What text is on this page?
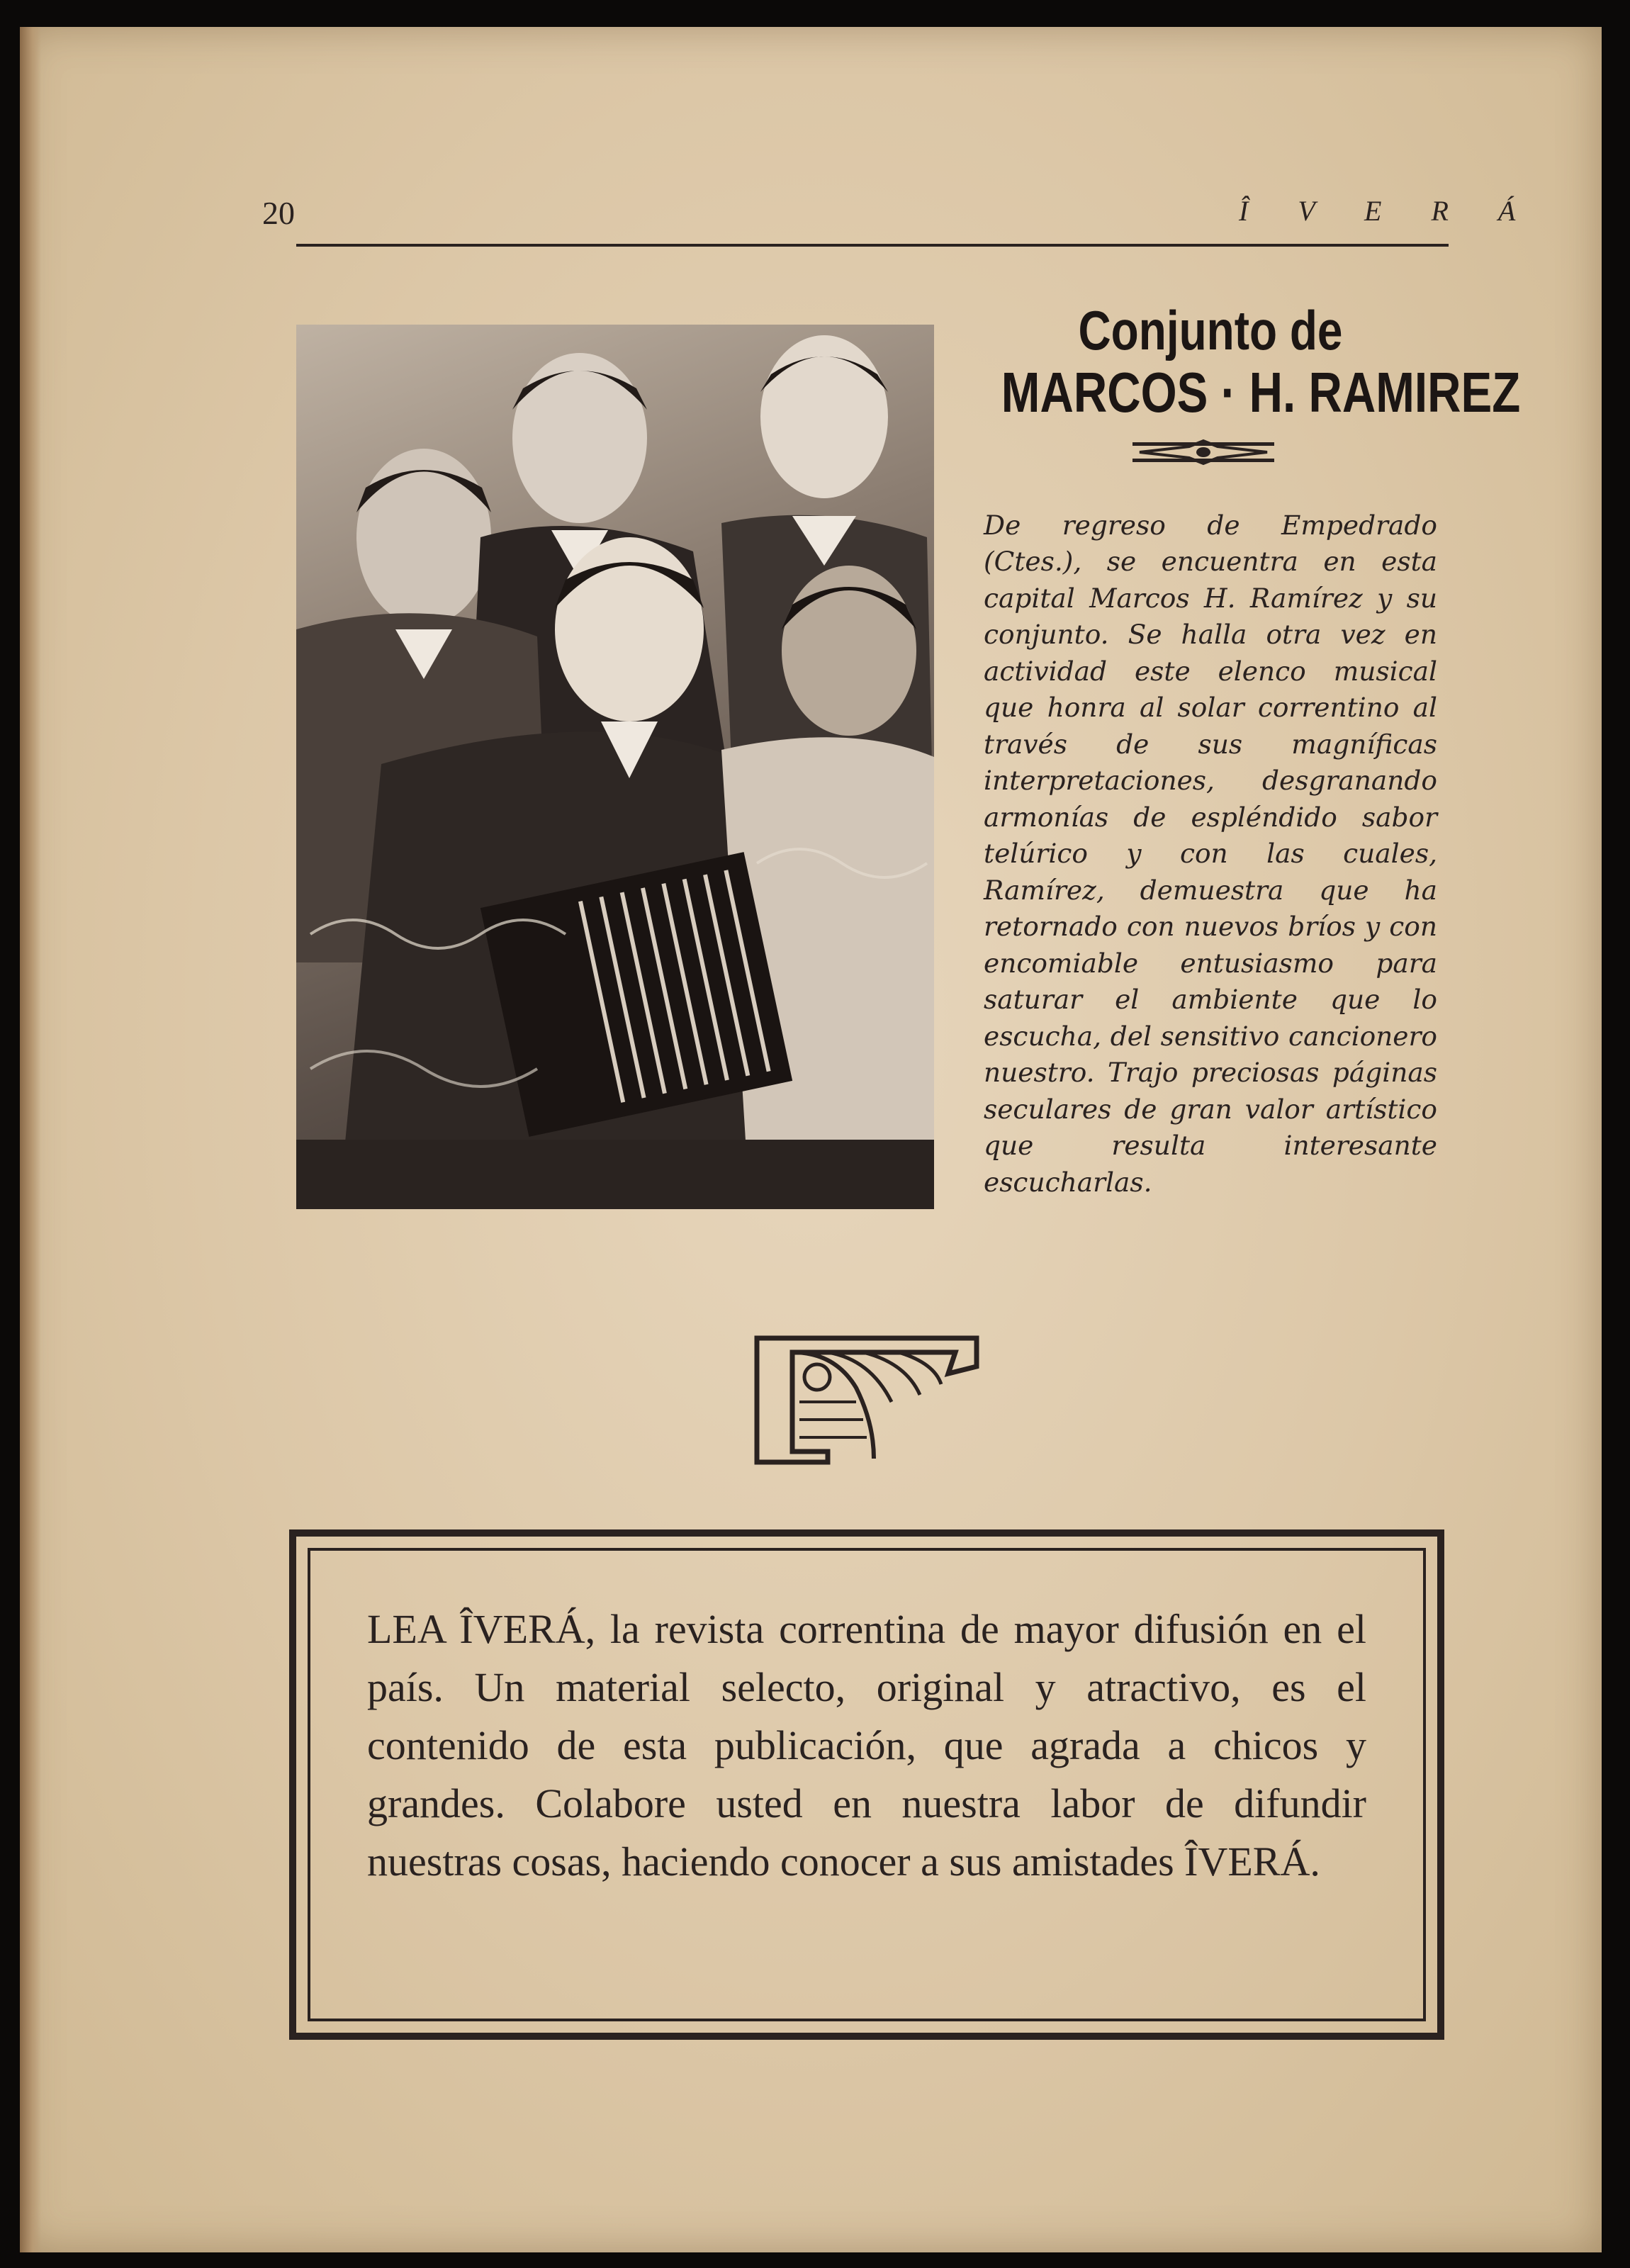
20	Î V E R Á
Conjunto de
MARCOS · H. RAMIREZ

De regreso de Empedrado (Ctes.), se encuentra en esta capital Marcos H. Ramírez y su conjunto. Se halla otra vez en actividad este elenco musical que honra al solar correntino al través de sus magníficas interpretaciones, desgranando armonías de espléndido sabor telúrico y con las cuales, Ramírez, demuestra que ha retornado con nuevos bríos y con encomiable entusiasmo para saturar el ambiente que lo escucha, del sensitivo cancionero nuestro. Trajo preciosas páginas seculares de gran valor artístico que resulta interesante escucharlas.

LEA ÎVERÁ, la revista correntina de mayor difusión en el país. Un material selecto, original y atractivo, es el contenido de esta publicación, que agrada a chicos y grandes. Colabore usted en nuestra labor de difundir nuestras cosas, haciendo conocer a sus amistades ÎVERÁ.
